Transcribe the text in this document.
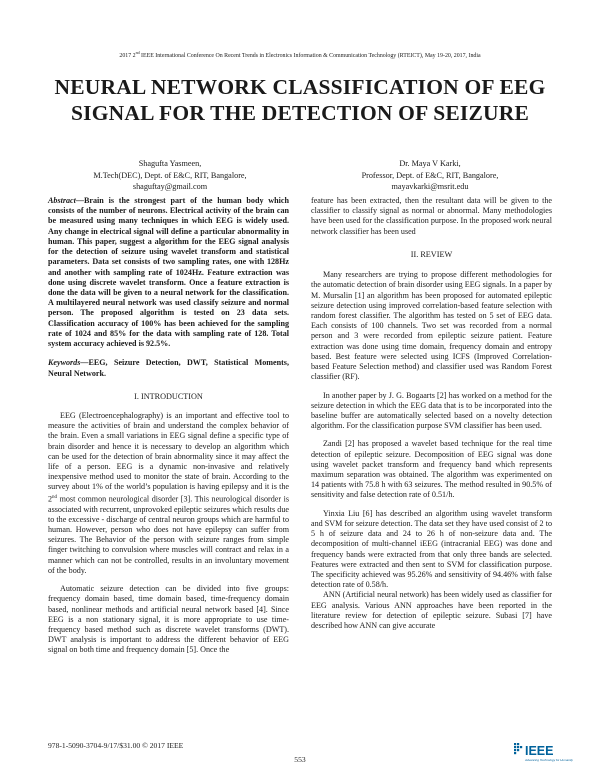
2017 2nd IEEE International Conference On Recent Trends in Electronics Information & Communication Technology (RTEICT), May 19-20, 2017, India
NEURAL NETWORK CLASSIFICATION OF EEG SIGNAL FOR THE DETECTION OF SEIZURE
Shagufta Yasmeen,
M.Tech(DEC), Dept. of E&C, RIT, Bangalore,
shaguftay@gmail.com
Dr. Maya V Karki,
Professor, Dept. of E&C, RIT, Bangalore,
mayavkarki@msrit.edu

Abstract—Brain is the strongest part of the human body which consists of the number of neurons. Electrical activity of the brain can be measured using many techniques in which EEG is widely used. Any change in electrical signal will define a particular abnormality in human. This paper, suggest a algorithm for the EEG signal analysis for the detection of seizure using wavelet transform and statistical parameters. Data set consists of two sampling rates, one with 128Hz and another with sampling rate of 1024Hz. Feature extraction was done using discrete wavelet transform. Once a feature extraction is done the data will be given to a neural network for the classification. A multilayered neural network was used classify seizure and normal person. The proposed algorithm is tested on 23 data sets. Classification accuracy of 100% has been achieved for the sampling rate of 1024 and 85% for the data with sampling rate of 128. Total system accuracy achieved is 92.5%.

Keywords—EEG, Seizure Detection, DWT, Statistical Moments, Neural Network.

I. INTRODUCTION

EEG (Electroencephalography) is an important and effective tool to measure the activities of brain and understand the complex behavior of the brain. Even a small variations in EEG signal define a specific type of brain disorder and hence it is necessary to develop an algorithm which can be used for the detection of brain abnormality since it may affect the life of a person. EEG is a dynamic non-invasive and relatively inexpensive method used to monitor the state of brain. According to the survey about 1% of the world’s population is having epilepsy and it is the 2nd most common neurological disorder [3]. This neurological disorder is associated with recurrent, unprovoked epileptic seizures which results due to the excessive - discharge of central neuron groups which are harmful to human. However, person who does not have epilepsy can suffer from seizures. The Behavior of the person with seizure ranges from simple finger twitching to convulsion where muscles will contract and relax in a manner which can not be controlled, results in an involuntary movement of the body.

Automatic seizure detection can be divided into five groups: frequency domain based, time domain based, time-frequency domain based, nonlinear methods and artificial neural network based [4]. Since EEG is a non stationary signal, it is more appropriate to use time-frequency based method such as discrete wavelet transforms (DWT). DWT analysis is important to address the different behavior of EEG signal on both time and frequency domain [5]. Once the

feature has been extracted, then the resultant data will be given to the classifier to classify signal as normal or abnormal. Many methodologies have been used for the classification purpose. In the proposed work neural network classifier has been used

II. REVIEW

Many researchers are trying to propose different methodologies for the automatic detection of brain disorder using EEG signals. In a paper by M. Mursalin [1] an algorithm has been proposed for automated epileptic seizure detection using improved correlation-based feature selection with random forest classifier. The algorithm has tested on 5 set of EEG data. Each consists of 100 channels. Two set was recorded from a normal person and 3 were recorded from epileptic seizure patient. Feature extraction was done using time domain, frequency domain and entropy based. Best feature were selected using ICFS (Improved Correlation-based Feature Selection method) and classifier used was Random Forest classifier (RF).

In another paper by J. G. Bogaarts [2] has worked on a method for the seizure detection in which the EEG data that is to be incorporated into the baseline buffer are automatically selected based on a novelty detection algorithm. For the classification purpose SVM classifier has been used.

Zandi [2] has proposed a wavelet based technique for the real time detection of epileptic seizure. Decomposition of EEG signal was done using wavelet packet transform and frequency band which represents maximum separation was obtained. The algorithm was experimented on 14 patients with 75.8 h with 63 seizures. The method resulted in 90.5% of sensitivity and false detection rate of 0.51/h.

Yinxia Liu [6] has described an algorithm using wavelet transform and SVM for seizure detection. The data set they have used consist of 2 to 5 h of seizure data and 24 to 26 h of non-seizure data and. The decomposition of multi-channel iEEG (intracranial EEG) was done and frequency bands were extracted from that only three bands are selected. Features were extracted and then sent to SVM for classification purpose. The specificity achieved was 95.26% and sensitivity of 94.46% with false detection rate of 0.58/h.

ANN (Artificial neural network) has been widely used as classifier for EEG analysis. Various ANN approaches have been reported in the literature review for detection of epileptic seizure. Subasi [7] have described how ANN can give accurate

978-1-5090-3704-9/17/$31.00 © 2017 IEEE
553
IEEE
Advancing Technology for Humanity
